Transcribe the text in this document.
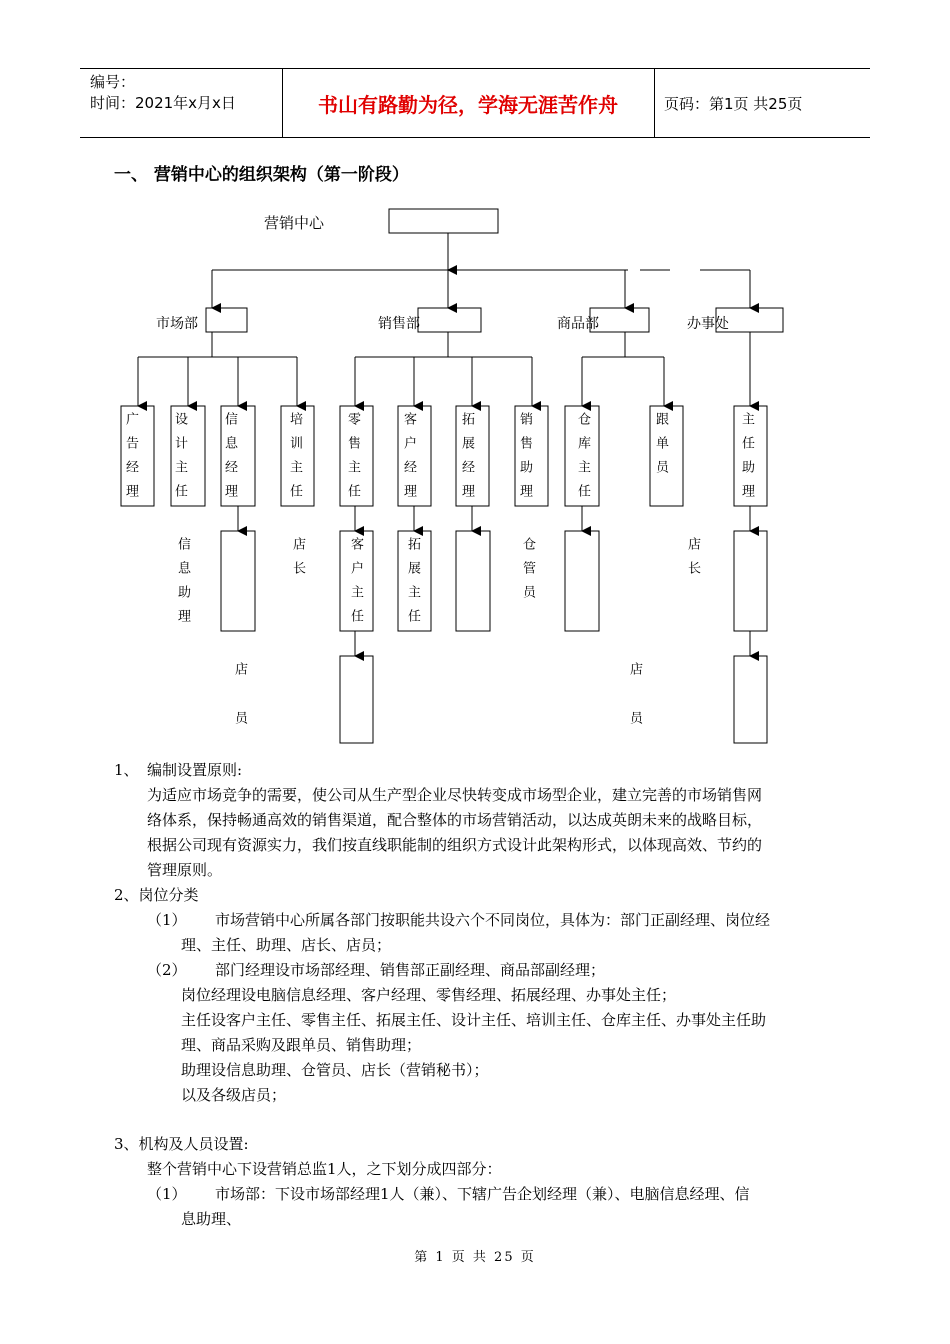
编号：
时间：2021年x月x日	书山有路勤为径，学海无涯苦作舟	页码：第1页 共25页
一、 营销中心的组织架构（第一阶段）
营销中心
市场部	销售部	商品部	办事处
广告经理	设计主任	信息经理	培训主任	零售主任	客户经理	拓展经理	销售助理	仓库主任	跟单员	主任助理
信息助理	店长	客户主任	拓展主任	仓管员	店长
店员	店员
1、 编制设置原则:
为适应市场竞争的需要，使公司从生产型企业尽快转变成市场型企业，建立完善的市场销售网
络体系，保持畅通高效的销售渠道，配合整体的市场营销活动，以达成英朗未来的战略目标，
根据公司现有资源实力，我们按直线职能制的组织方式设计此架构形式，以体现高效、节约的
管理原则。
2、岗位分类
（1） 市场营销中心所属各部门按职能共设六个不同岗位，具体为：部门正副经理、岗位经
理、主任、助理、店长、店员；
（2） 部门经理设市场部经理、销售部正副经理、商品部副经理；
岗位经理设电脑信息经理、客户经理、零售经理、拓展经理、办事处主任；
主任设客户主任、零售主任、拓展主任、设计主任、培训主任、仓库主任、办事处主任助
理、商品采购及跟单员、销售助理；
助理设信息助理、仓管员、店长（营销秘书）；
以及各级店员；
3、机构及人员设置:
整个营销中心下设营销总监1人，之下划分成四部分：
（1） 市场部：下设市场部经理1人（兼）、下辖广告企划经理（兼）、电脑信息经理、信
息助理、
第 1 页 共 25 页
